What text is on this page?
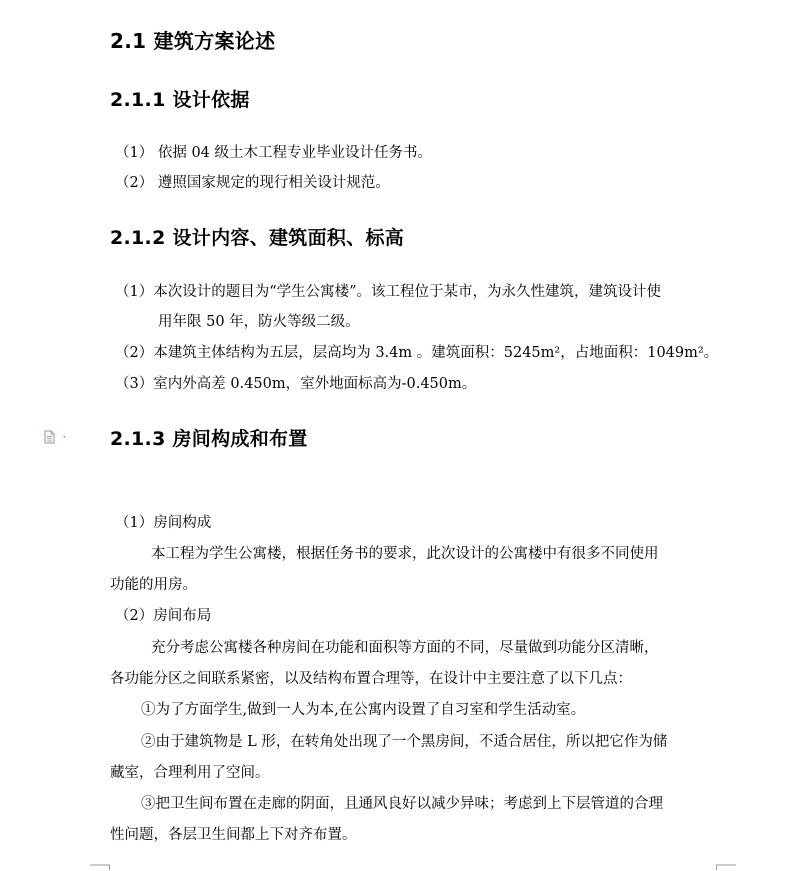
2.1 建筑方案论述
2.1.1 设计依据
（1） 依据 04 级土木工程专业毕业设计任务书。
（2） 遵照国家规定的现行相关设计规范。
2.1.2 设计内容、建筑面积、标高
（1）本次设计的题目为“学生公寓楼”。该工程位于某市，为永久性建筑，建筑设计使
用年限 50 年，防火等级二级。
（2）本建筑主体结构为五层，层高均为 3.4m 。建筑面积：5245m²，占地面积：1049m²。
（3）室内外高差 0.450m，室外地面标高为-0.450m。
2.1.3 房间构成和布置
（1）房间构成
本工程为学生公寓楼，根据任务书的要求，此次设计的公寓楼中有很多不同使用
功能的用房。
（2）房间布局
充分考虑公寓楼各种房间在功能和面积等方面的不同，尽量做到功能分区清晰，
各功能分区之间联系紧密，以及结构布置合理等，在设计中主要注意了以下几点：
①为了方面学生,做到一人为本,在公寓内设置了自习室和学生活动室。
②由于建筑物是 L 形，在转角处出现了一个黑房间，不适合居住，所以把它作为储
藏室，合理利用了空间。
③把卫生间布置在走廊的阴面，且通风良好以减少异味；考虑到上下层管道的合理
性问题，各层卫生间都上下对齐布置。
